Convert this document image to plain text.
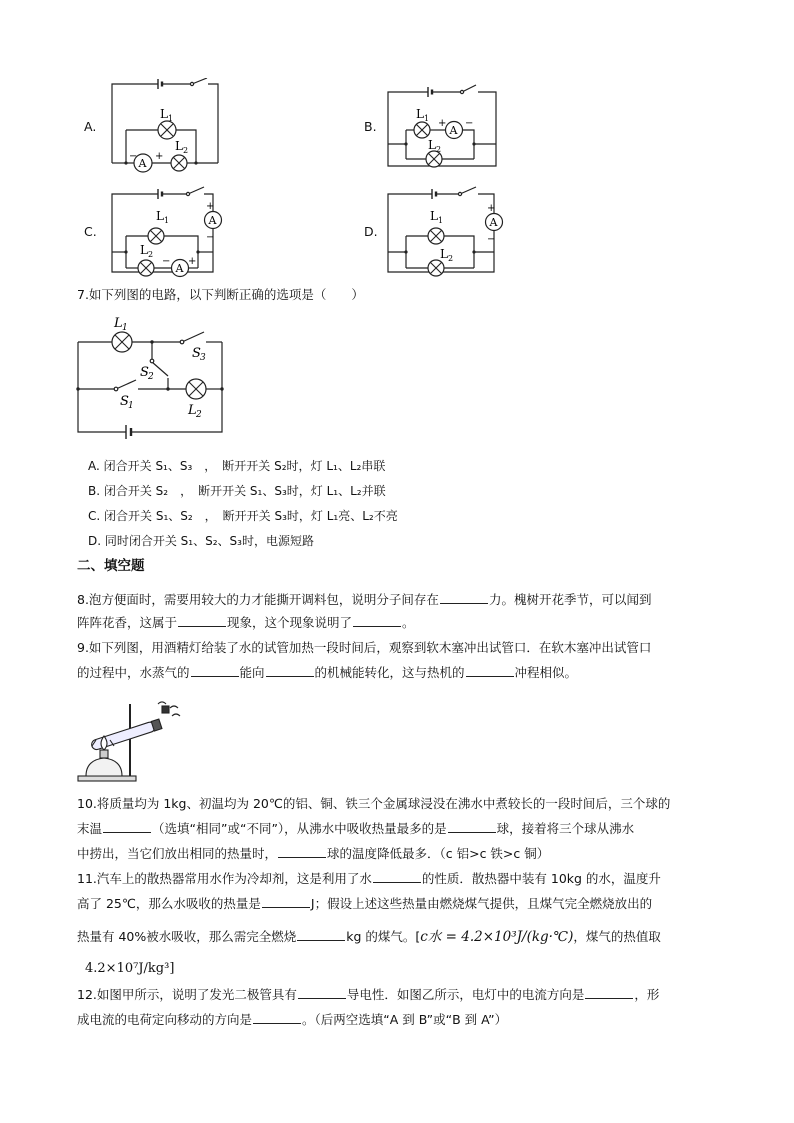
A.
L 1
L 2
A
+
−
B.
L 1
L 2
A
+ −
C.
L 1
L 2
A
A
+
−
+
−
D.
L 1
L 2
A
+
−
7.如下列图的电路，以下判断正确的选项是（　　）
L 1
L 2
S 1
S 2
S 3
A. 闭合开关 S₁、S₃　，　断开开关 S₂时，灯 L₁、L₂串联
B. 闭合开关 S₂　，　断开开关 S₁、S₃时，灯 L₁、L₂并联
C. 闭合开关 S₁、S₂　，　断开开关 S₃时，灯 L₁亮、L₂不亮
D. 同时闭合开关 S₁、S₂、S₃时，电源短路
二、填空题
8.泡方便面时，需要用较大的力才能撕开调料包，说明分子间存在	力。槐树开花季节，可以闻到
阵阵花香，这属于	现象，这个现象说明了	。
9.如下列图，用酒精灯给装了水的试管加热一段时间后，观察到软木塞冲出试管口．在软木塞冲出试管口
的过程中，水蒸气的	能向	的机械能转化，这与热机的	冲程相似。
10.将质量均为 1kg、初温均为 20℃的铝、铜、铁三个金属球浸没在沸水中煮较长的一段时间后，三个球的
末温	（选填“相同”或“不同”），从沸水中吸收热量最多的是	球，接着将三个球从沸水
中捞出，当它们放出相同的热量时，	球的温度降低最多．（c 铝>c 铁>c 铜）
11.汽车上的散热器常用水作为冷却剂，这是利用了水	的性质．散热器中装有 10kg 的水，温度升
高了 25℃，那么水吸收的热量是	J；假设上述这些热量由燃烧煤气提供，且煤气完全燃烧放出的
热量有 40%被水吸收，那么需完全燃烧	kg 的煤气。[c水 = 4.2×10³J/(kg·℃)，煤气的热值取
4.2×10⁷J/kg³]
12.如图甲所示，说明了发光二极管具有	导电性．如图乙所示，电灯中的电流方向是	，形
成电流的电荷定向移动的方向是	。（后两空选填“A 到 B”或“B 到 A”）
